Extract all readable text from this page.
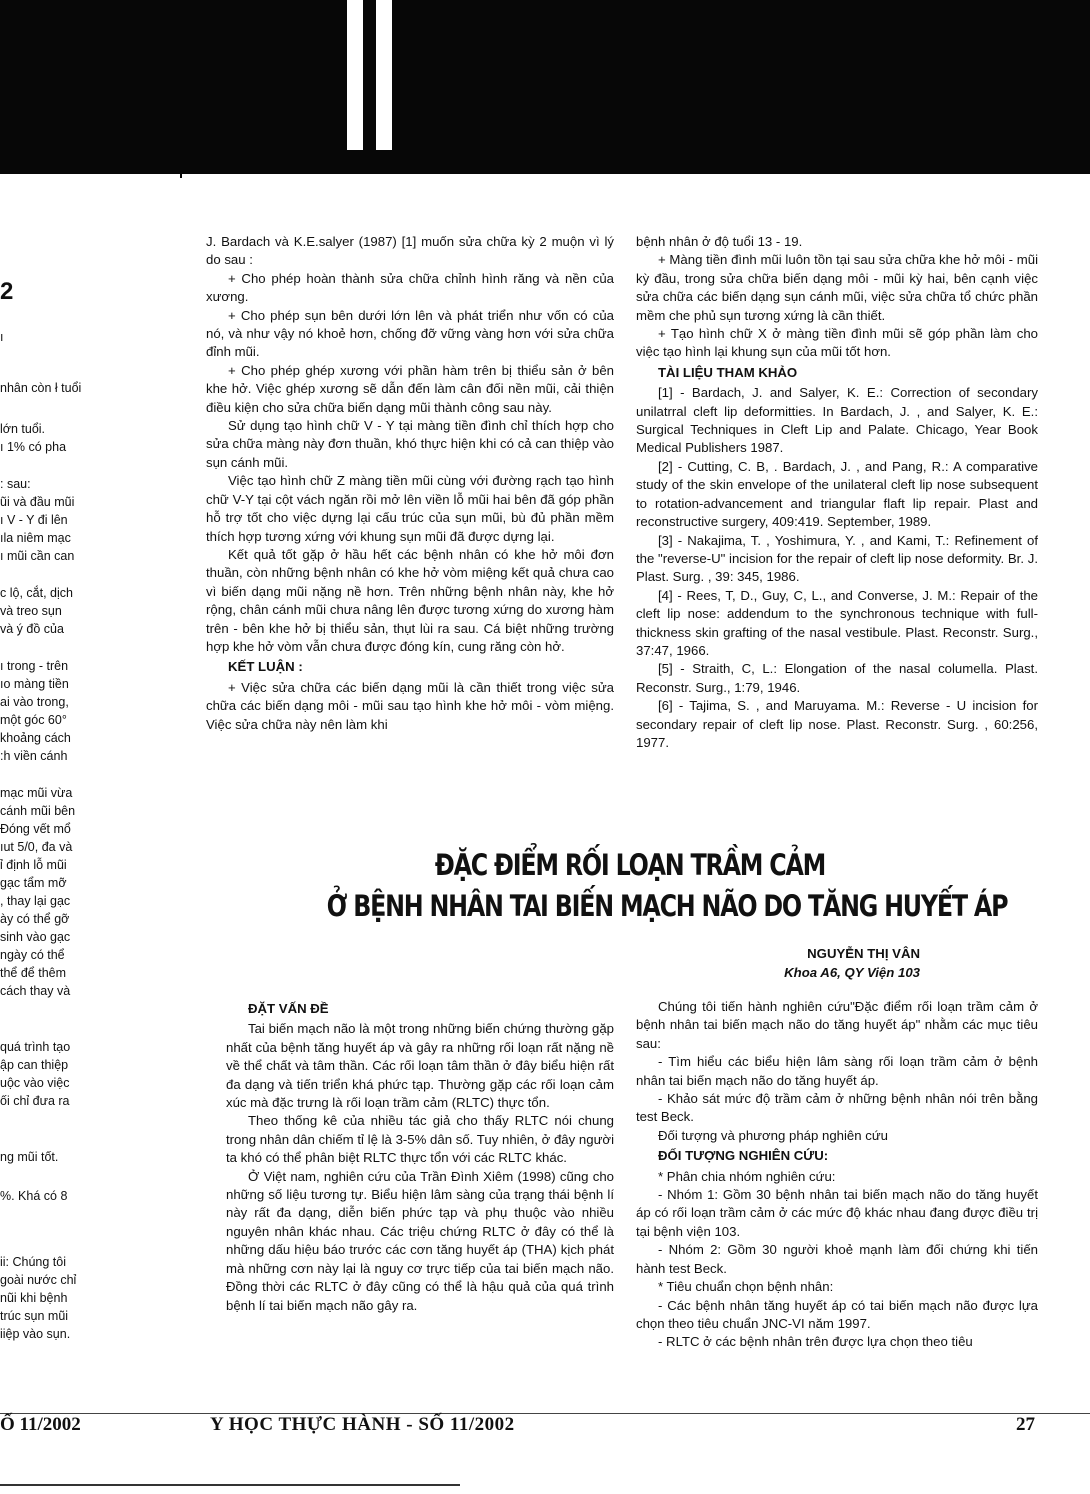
2
ı
nhân còn ł tuổi
lớn tuổi.
ı 1% có pha
: sau:
ũi và đầu mũi
ı V - Y đi lên
ıla niêm mạc
ı mũi cần can
c lộ, cắt, dịch
và treo sụn
và ý đồ của
ı trong - trên
ıo màng tiền
ai vào trong,
một góc 60°
khoảng cách
:h viền cánh
mạc mũi vừa
cánh mũi bên
Đóng vết mổ
ıut 5/0, đa và
ỉ định lỗ mũi
gạc tẩm mỡ
, thay lại gạc
ày có thể gỡ
sinh vào gạc
ngày có thể
thể để thêm
cách thay và
quá trình tạo
ập can thiệp
uộc vào việc
ối chỉ đưa ra
ng mũi tốt.
%. Khá có 8
ii: Chúng tôi
goài nước chỉ
nũi khi bệnh
trúc sụn mũi
iiệp vào sụn.

J. Bardach và K.E.salyer (1987) [1] muốn sửa chữa kỳ 2 muộn vì lý do sau :

+ Cho phép hoàn thành sửa chữa chỉnh hình răng và nền của xương.

+ Cho phép sụn bên dưới lớn lên và phát triển như vốn có của nó, và như vậy nó khoẻ hơn, chống đỡ vững vàng hơn với sửa chữa đỉnh mũi.

+ Cho phép ghép xương với phần hàm trên bị thiểu sản ở bên khe hở. Việc ghép xương sẽ dẫn đến làm cân đối nền mũi, cải thiện điều kiện cho sửa chữa biến dạng mũi thành công sau này.

Sử dụng tạo hình chữ V - Y tại màng tiền đình chỉ thích hợp cho sửa chữa màng này đơn thuần, khó thực hiện khi có cả can thiệp vào sụn cánh mũi.

Việc tạo hình chữ Z màng tiền mũi cùng với đường rạch tạo hình chữ V-Y tại cột vách ngăn rồi mở lên viền lỗ mũi hai bên đã góp phần hỗ trợ tốt cho việc dựng lại cấu trúc của sụn mũi, bù đủ phần mềm thích hợp tương xứng với khung sụn mũi đã được dựng lại.

Kết quả tốt gặp ở hầu hết các bệnh nhân có khe hở môi đơn thuần, còn những bệnh nhân có khe hở vòm miệng kết quả chưa cao vì biến dạng mũi nặng nề hơn. Trên những bệnh nhân này, khe hở rộng, chân cánh mũi chưa nâng lên được tương xứng do xương hàm trên - bên khe hở bị thiểu sản, thụt lùi ra sau. Cá biệt những trường hợp khe hở vòm vẫn chưa được đóng kín, cung răng còn hở.

KẾT LUẬN :

+ Việc sửa chữa các biến dạng mũi là cần thiết trong việc sửa chữa các biến dạng môi - mũi sau tạo hình khe hở môi - vòm miệng. Việc sửa chữa này nên làm khi

bệnh nhân ở độ tuổi 13 - 19.

+ Màng tiền đình mũi luôn tồn tại sau sửa chữa khe hở môi - mũi kỳ đầu, trong sửa chữa biến dạng môi - mũi kỳ hai, bên cạnh việc sửa chữa các biến dạng sụn cánh mũi, việc sửa chữa tổ chức phần mềm che phủ sụn tương xứng là cần thiết.

+ Tạo hình chữ X ở màng tiền đình mũi sẽ góp phần làm cho việc tạo hình lại khung sụn của mũi tốt hơn.

TÀI LIỆU THAM KHẢO

[1] - Bardach, J. and Salyer, K. E.: Correction of secondary unilatrral cleft lip deformitties. In Bardach, J. , and Salyer, K. E.: Surgical Techniques in Cleft Lip and Palate. Chicago, Year Book Medical Publishers 1987.

[2] - Cutting, C. B, . Bardach, J. , and Pang, R.: A comparative study of the skin envelope of the unilateral cleft lip nose subsequent to rotation-advancement and triangular flaft lip repair. Plast and reconstructive surgery, 409:419. September, 1989.

[3] - Nakajima, T. , Yoshimura, Y. , and Kami, T.: Refinement of the "reverse-U" incision for the repair of cleft lip nose deformity. Br. J. Plast. Surg. , 39: 345, 1986.

[4] - Rees, T, D., Guy, C, L., and Converse, J. M.: Repair of the cleft lip nose: addendum to the synchronous technique with full-thickness skin grafting of the nasal vestibule. Plast. Reconstr. Surg., 37:47, 1966.

[5] - Straith, C, L.: Elongation of the nasal columella. Plast. Reconstr. Surg., 1:79, 1946.

[6] - Tajima, S. , and Maruyama. M.: Reverse - U incision for secondary repair of cleft lip nose. Plast. Reconstr. Surg. , 60:256, 1977.

ĐẶC ĐIỂM RỐI LOẠN TRẦM CẢM
Ở BỆNH NHÂN TAI BIẾN MẠCH NÃO DO TĂNG HUYẾT ÁP
NGUYỄN THỊ VÂN
Khoa A6, QY Viện 103
ĐẶT VẤN ĐỀ

Tai biến mạch não là một trong những biến chứng thường gặp nhất của bệnh tăng huyết áp và gây ra những rối loạn rất nặng nề về thể chất và tâm thần. Các rối loạn tâm thần ở đây biểu hiện rất đa dạng và tiến triển khá phức tạp. Thường gặp các rối loạn cảm xúc mà đặc trưng là rối loạn trầm cảm (RLTC) thực tổn.

Theo thống kê của nhiều tác giả cho thấy RLTC nói chung trong nhân dân chiếm tỉ lệ là 3-5% dân số. Tuy nhiên, ở đây người ta khó có thể phân biệt RLTC thực tổn với các RLTC khác.

Ở Việt nam, nghiên cứu của Trần Đình Xiêm (1998) cũng cho những số liệu tương tự. Biểu hiện lâm sàng của trạng thái bệnh lí này rất đa dạng, diễn biến phức tạp và phụ thuộc vào nhiều nguyên nhân khác nhau. Các triệu chứng RLTC ở đây có thể là những dấu hiệu báo trước các cơn tăng huyết áp (THA) kịch phát mà những cơn này lại là nguy cơ trực tiếp của tai biến mạch não. Đồng thời các RLTC ở đây cũng có thể là hậu quả của quá trình bệnh lí tai biến mạch não gây ra.

Chúng tôi tiến hành nghiên cứu"Đặc điểm rối loạn trầm cảm ở bệnh nhân tai biến mạch não do tăng huyết áp" nhằm các mục tiêu sau:

- Tìm hiểu các biểu hiện lâm sàng rối loạn trầm cảm ở bệnh nhân tai biến mạch não do tăng huyết áp.

- Khảo sát mức độ trầm cảm ở những bệnh nhân nói trên bằng test Beck.

Đối tượng và phương pháp nghiên cứu

ĐỐI TƯỢNG NGHIÊN CỨU:

* Phân chia nhóm nghiên cứu:

- Nhóm 1: Gồm 30 bệnh nhân tai biến mạch não do tăng huyết áp có rối loạn trầm cảm ở các mức độ khác nhau đang được điều trị tại bệnh viện 103.

- Nhóm 2: Gồm 30 người khoẻ mạnh làm đối chứng khi tiến hành test Beck.

* Tiêu chuẩn chọn bệnh nhân:

- Các bệnh nhân tăng huyết áp có tai biến mạch não được lựa chọn theo tiêu chuẩn JNC-VI năm 1997.

- RLTC ở các bệnh nhân trên được lựa chọn theo tiêu

Ố 11/2002	Y HỌC THỰC HÀNH - SỐ 11/2002	27
